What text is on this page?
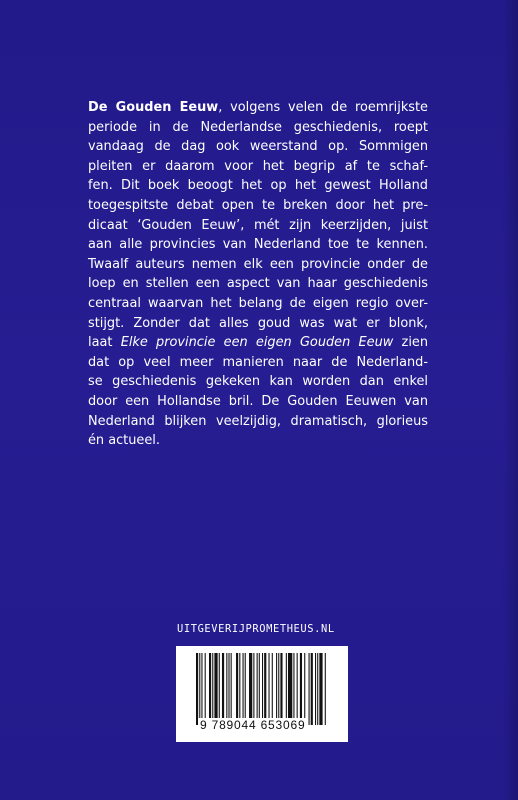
De Gouden Eeuw, volgens velen de roemrijkste
periode in de Nederlandse geschiedenis, roept
vandaag de dag ook weerstand op. Sommigen
pleiten er daarom voor het begrip af te schaf-
fen. Dit boek beoogt het op het gewest Holland
toegespitste debat open te breken door het pre-
dicaat ‘Gouden Eeuw’, mét zijn keerzijden, juist
aan alle provincies van Nederland toe te kennen.
Twaalf auteurs nemen elk een provincie onder de
loep en stellen een aspect van haar geschiedenis
centraal waarvan het belang de eigen regio over-
stijgt. Zonder dat alles goud was wat er blonk,
laat Elke provincie een eigen Gouden Eeuw zien
dat op veel meer manieren naar de Nederland-
se geschiedenis gekeken kan worden dan enkel
door een Hollandse bril. De Gouden Eeuwen van
Nederland blijken veelzijdig, dramatisch, glorieus
én actueel.

UITGEVERIJPROMETHEUS.NL
9 789044 653069
